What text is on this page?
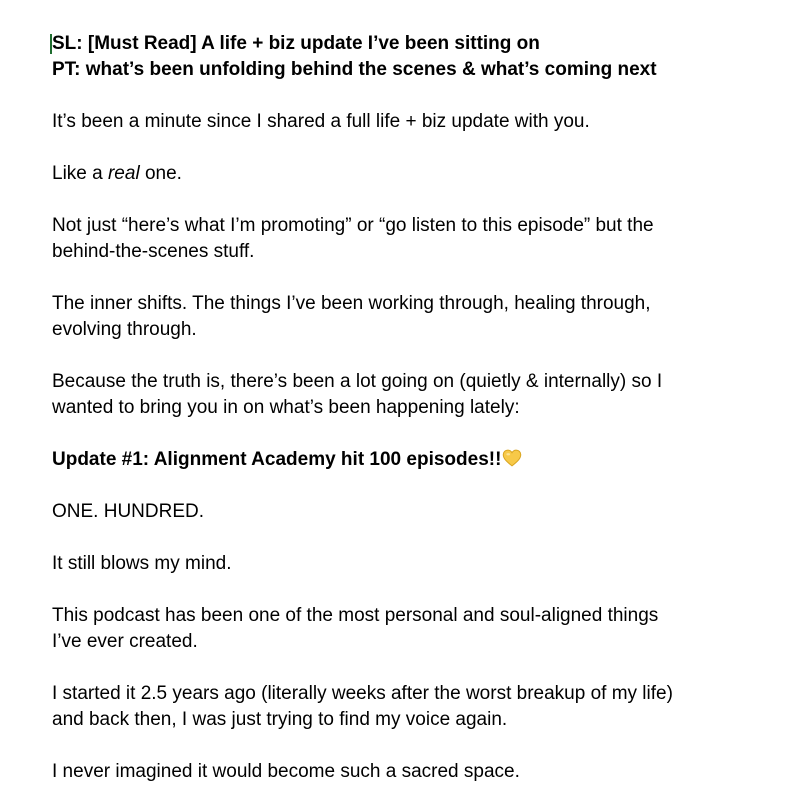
SL: [Must Read] A life + biz update I’ve been sitting on

PT: what’s been unfolding behind the scenes & what’s coming next

It’s been a minute since I shared a full life + biz update with you.

Like a real one.

Not just “here’s what I’m promoting” or “go listen to this episode” but the

behind-the-scenes stuff.

The inner shifts. The things I’ve been working through, healing through,

evolving through.

Because the truth is, there’s been a lot going on (quietly & internally) so I

wanted to bring you in on what’s been happening lately:

Update #1: Alignment Academy hit 100 episodes!!

ONE. HUNDRED.

It still blows my mind.

This podcast has been one of the most personal and soul-aligned things

I’ve ever created.

I started it 2.5 years ago (literally weeks after the worst breakup of my life)

and back then, I was just trying to find my voice again.

I never imagined it would become such a sacred space.
